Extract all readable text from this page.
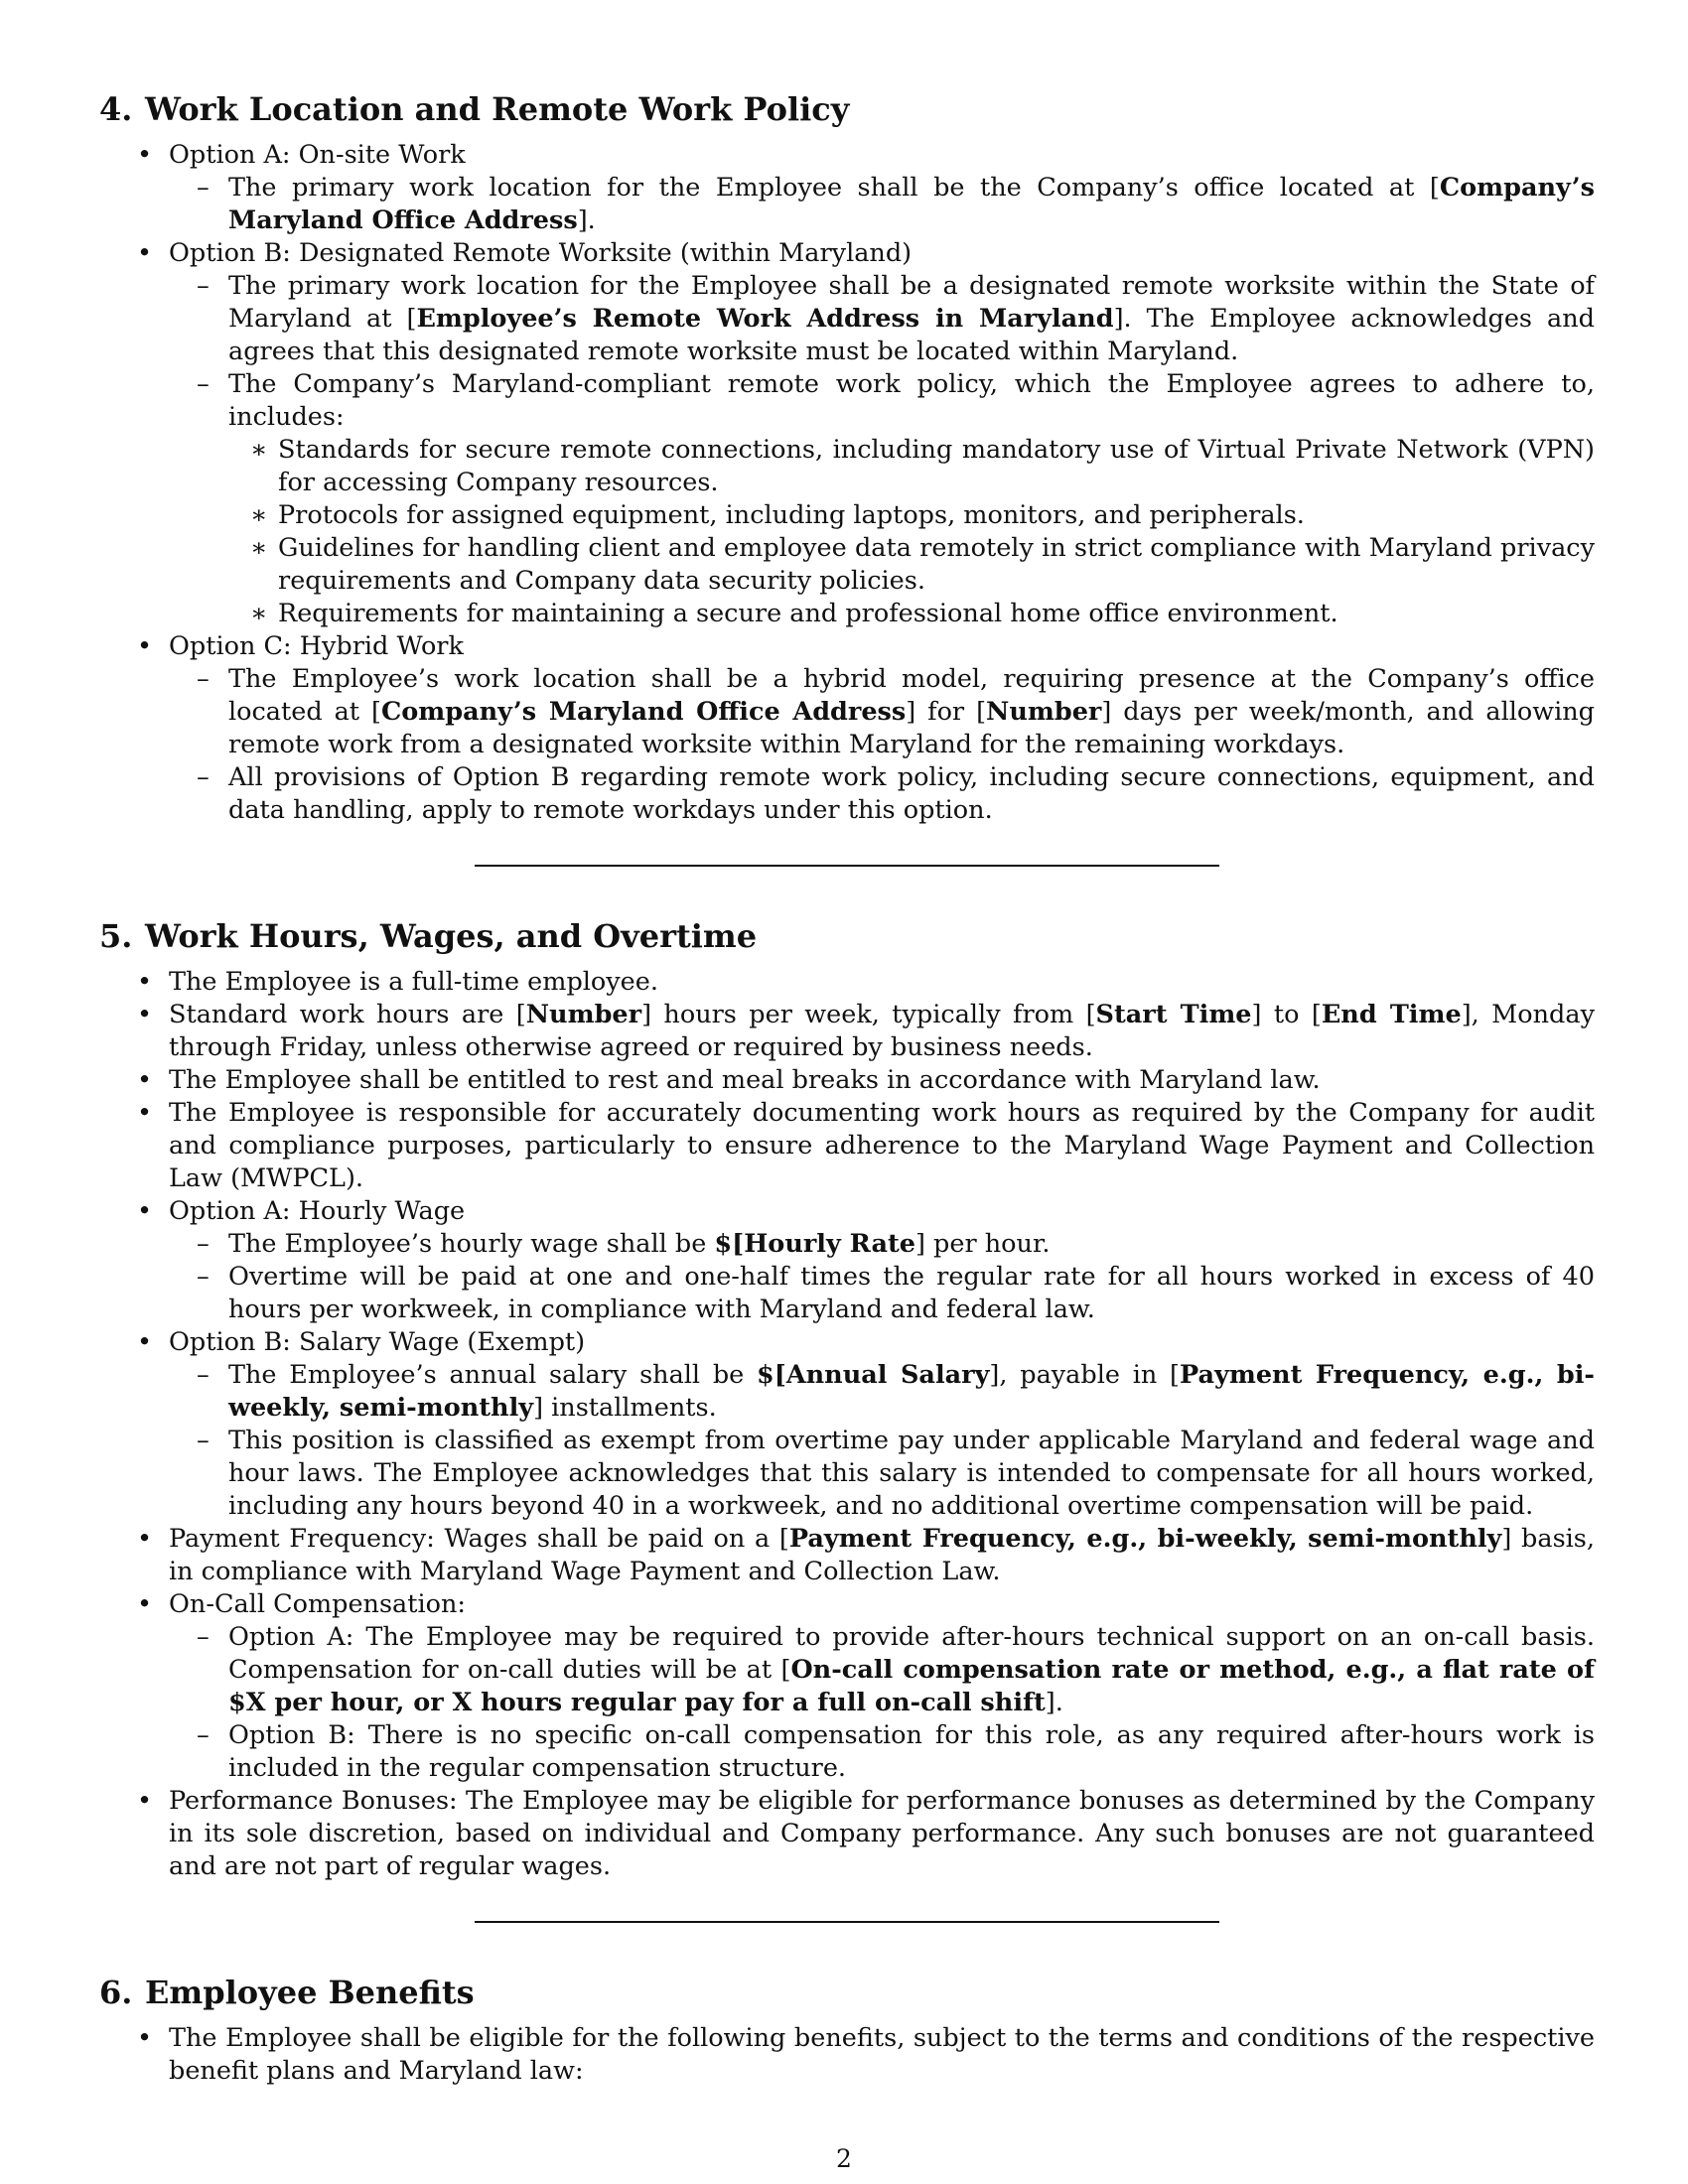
4. Work Location and Remote Work Policy
• Option A: On-site Work
– The primary work location for the Employee shall be the Company’s office located at [Company’s Maryland Office Address].
• Option B: Designated Remote Worksite (within Maryland)
– The primary work location for the Employee shall be a designated remote worksite within the State of Maryland at [Employee’s Remote Work Address in Maryland]. The Employee acknowledges and agrees that this designated remote worksite must be located within Maryland.
– The Company’s Maryland-compliant remote work policy, which the Employee agrees to adhere to, includes:
∗ Standards for secure remote connections, including mandatory use of Virtual Private Network (VPN) for accessing Company resources.
∗ Protocols for assigned equipment, including laptops, monitors, and peripherals.
∗ Guidelines for handling client and employee data remotely in strict compliance with Maryland privacy requirements and Company data security policies.
∗ Requirements for maintaining a secure and professional home office environment.
• Option C: Hybrid Work
– The Employee’s work location shall be a hybrid model, requiring presence at the Company’s office located at [Company’s Maryland Office Address] for [Number] days per week/month, and allowing remote work from a designated worksite within Maryland for the remaining workdays.
– All provisions of Option B regarding remote work policy, including secure connections, equipment, and data handling, apply to remote workdays under this option.
5. Work Hours, Wages, and Overtime
• The Employee is a full-time employee.
• Standard work hours are [Number] hours per week, typically from [Start Time] to [End Time], Monday through Friday, unless otherwise agreed or required by business needs.
• The Employee shall be entitled to rest and meal breaks in accordance with Maryland law.
• The Employee is responsible for accurately documenting work hours as required by the Company for audit and compliance purposes, particularly to ensure adherence to the Maryland Wage Payment and Collection Law (MWPCL).
• Option A: Hourly Wage
– The Employee’s hourly wage shall be $[Hourly Rate] per hour.
– Overtime will be paid at one and one-half times the regular rate for all hours worked in excess of 40 hours per workweek, in compliance with Maryland and federal law.
• Option B: Salary Wage (Exempt)
– The Employee’s annual salary shall be $[Annual Salary], payable in [Payment Frequency, e.g., bi-weekly, semi-monthly] installments.
– This position is classified as exempt from overtime pay under applicable Maryland and federal wage and hour laws. The Employee acknowledges that this salary is intended to compensate for all hours worked, including any hours beyond 40 in a workweek, and no additional overtime compensation will be paid.
• Payment Frequency: Wages shall be paid on a [Payment Frequency, e.g., bi-weekly, semi-monthly] basis, in compliance with Maryland Wage Payment and Collection Law.
• On-Call Compensation:
– Option A: The Employee may be required to provide after-hours technical support on an on-call basis. Compensation for on-call duties will be at [On-call compensation rate or method, e.g., a flat rate of $X per hour, or X hours regular pay for a full on-call shift].
– Option B: There is no specific on-call compensation for this role, as any required after-hours work is included in the regular compensation structure.
• Performance Bonuses: The Employee may be eligible for performance bonuses as determined by the Company in its sole discretion, based on individual and Company performance. Any such bonuses are not guaranteed and are not part of regular wages.
6. Employee Benefits
• The Employee shall be eligible for the following benefits, subject to the terms and conditions of the respective benefit plans and Maryland law:
2
